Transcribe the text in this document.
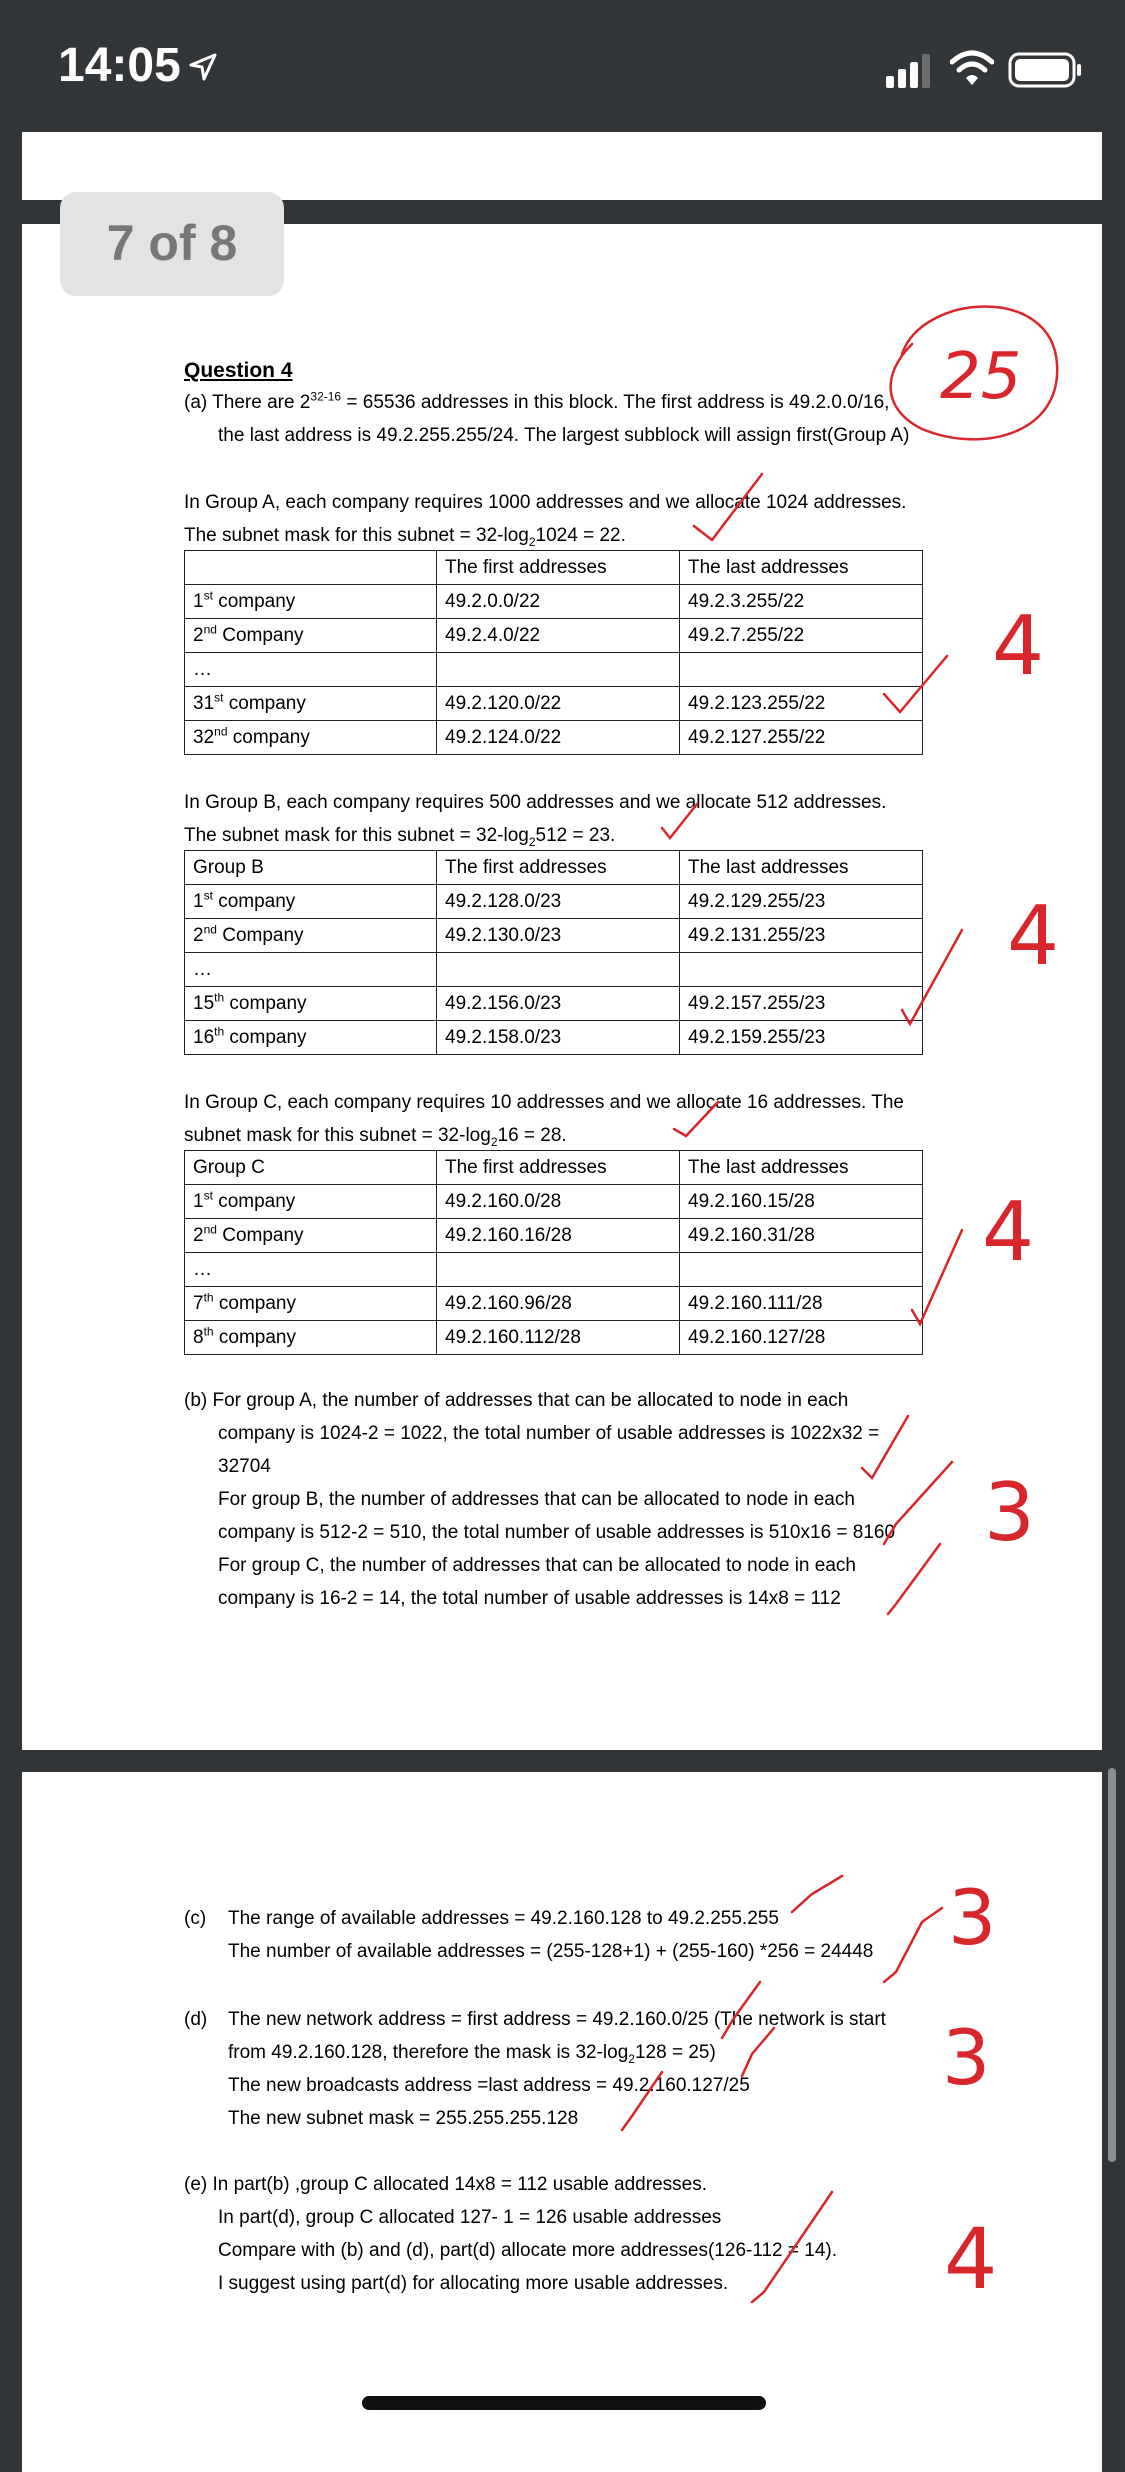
14:05
Question 4
(a) There are $2^{32-16} = 65536$ addresses in this block. The first address is 49.2.0.0/16,
the last address is 49.2.255.255/24. The largest subblock will assign first(Group A)
In Group A, each company requires 1000 addresses and we allocate 1024 addresses.
The subnet mask for this subnet = $32-\log_21024 = 22$.
	The first addresses	The last addresses
1st company	49.2.0.0/22	49.2.3.255/22
2nd Company	49.2.4.0/22	49.2.7.255/22
…		
31st company	49.2.120.0/22	49.2.123.255/22
32nd company	49.2.124.0/22	49.2.127.255/22
In Group B, each company requires 500 addresses and we allocate 512 addresses.
The subnet mask for this subnet = $32-\log_2512 = 23$.
Group B	The first addresses	The last addresses
1st company	49.2.128.0/23	49.2.129.255/23
2nd Company	49.2.130.0/23	49.2.131.255/23
…		
15th company	49.2.156.0/23	49.2.157.255/23
16th company	49.2.158.0/23	49.2.159.255/23
In Group C, each company requires 10 addresses and we allocate 16 addresses. The
subnet mask for this subnet = $32-\log_216 = 28$.
Group C	The first addresses	The last addresses
1st company	49.2.160.0/28	49.2.160.15/28
2nd Company	49.2.160.16/28	49.2.160.31/28
…		
7th company	49.2.160.96/28	49.2.160.111/28
8th company	49.2.160.112/28	49.2.160.127/28
(b) For group A, the number of addresses that can be allocated to node in each
company is 1024-2 = 1022, the total number of usable addresses is 1022x32 =
32704
For group B, the number of addresses that can be allocated to node in each
company is 512-2 = 510, the total number of usable addresses is 510x16 = 8160
For group C, the number of addresses that can be allocated to node in each
company is 16-2 = 14, the total number of usable addresses is 14x8 = 112
25
4
4
4
3
(c) The range of available addresses = 49.2.160.128 to 49.2.255.255
The number of available addresses = (255-128+1) + (255-160) *256 = 24448
(d) The new network address = first address = 49.2.160.0/25 (The network is start
from 49.2.160.128, therefore the mask is $32-\log_2128 = 25$)
The new broadcasts address =last address = 49.2.160.127/25
The new subnet mask = 255.255.255.128
(e) In part(b) ,group C allocated 14x8 = 112 usable addresses.
In part(d), group C allocated 127- 1 = 126 usable addresses
Compare with (b) and (d), part(d) allocate more addresses(126-112 = 14).
I suggest using part(d) for allocating more usable addresses.
3
3
4
7 of 8
